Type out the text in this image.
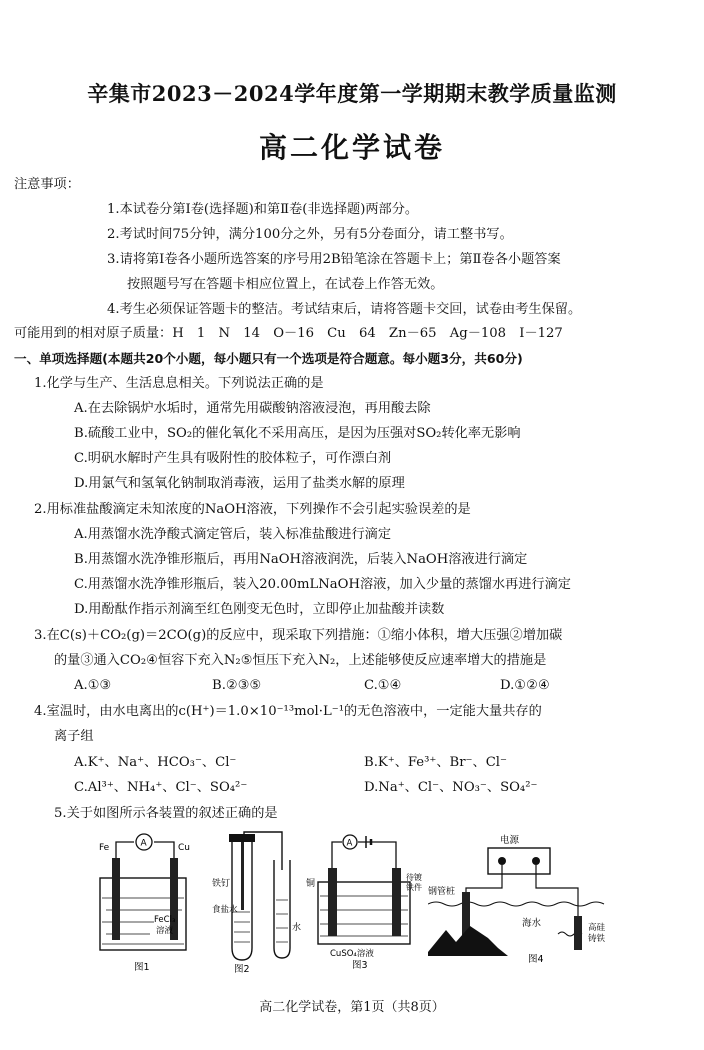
辛集市2023－2024学年度第一学期期末教学质量监测
高二化学试卷
注意事项：
1.本试卷分第Ⅰ卷(选择题)和第Ⅱ卷(非选择题)两部分。
2.考试时间75分钟，满分100分之外，另有5分卷面分，请工整书写。
3.请将第Ⅰ卷各小题所选答案的序号用2B铅笔涂在答题卡上；第Ⅱ卷各小题答案
按照题号写在答题卡相应位置上，在试卷上作答无效。
4.考生必须保证答题卡的整洁。考试结束后，请将答题卡交回，试卷由考生保留。
可能用到的相对原子质量：H　1　N　14　O－16　Cu　64　Zn－65　Ag－108　I－127
一、单项选择题(本题共20个小题，每小题只有一个选项是符合题意。每小题3分，共60分)
1.化学与生产、生活息息相关。下列说法正确的是
A.在去除锅炉水垢时，通常先用碳酸钠溶液浸泡，再用酸去除
B.硫酸工业中，SO₂的催化氧化不采用高压，是因为压强对SO₂转化率无影响
C.明矾水解时产生具有吸附性的胶体粒子，可作漂白剂
D.用氯气和氢氧化钠制取消毒液，运用了盐类水解的原理
2.用标准盐酸滴定未知浓度的NaOH溶液，下列操作不会引起实验误差的是
A.用蒸馏水洗净酸式滴定管后，装入标准盐酸进行滴定
B.用蒸馏水洗净锥形瓶后，再用NaOH溶液润洗，后装入NaOH溶液进行滴定
C.用蒸馏水洗净锥形瓶后，装入20.00mLNaOH溶液，加入少量的蒸馏水再进行滴定
D.用酚酞作指示剂滴至红色刚变无色时，立即停止加盐酸并读数
3.在C(s)＋CO₂(g)＝2CO(g)的反应中，现采取下列措施：①缩小体积，增大压强②增加碳
的量③通入CO₂④恒容下充入N₂⑤恒压下充入N₂，上述能够使反应速率增大的措施是
A.①③	B.②③⑤	C.①④	D.①②④
4.室温时，由水电离出的c(H⁺)＝1.0×10⁻¹³mol·L⁻¹的无色溶液中，一定能大量共存的
离子组
A.K⁺、Na⁺、HCO₃⁻、Cl⁻	B.K⁺、Fe³⁺、Br⁻、Cl⁻
C.Al³⁺、NH₄⁺、Cl⁻、SO₄²⁻	D.Na⁺、Cl⁻、NO₃⁻、SO₄²⁻
5.关于如图所示各装置的叙述正确的是
Fe	Cu
A
FeCl₃
溶液
图1
铁钉
食盐水
水
图2
A
铜
待镀
铁件
CuSO₄溶液
图3
电源
钢管桩
海水	高硅
铸铁
图4
高二化学试卷，第1页（共8页）
